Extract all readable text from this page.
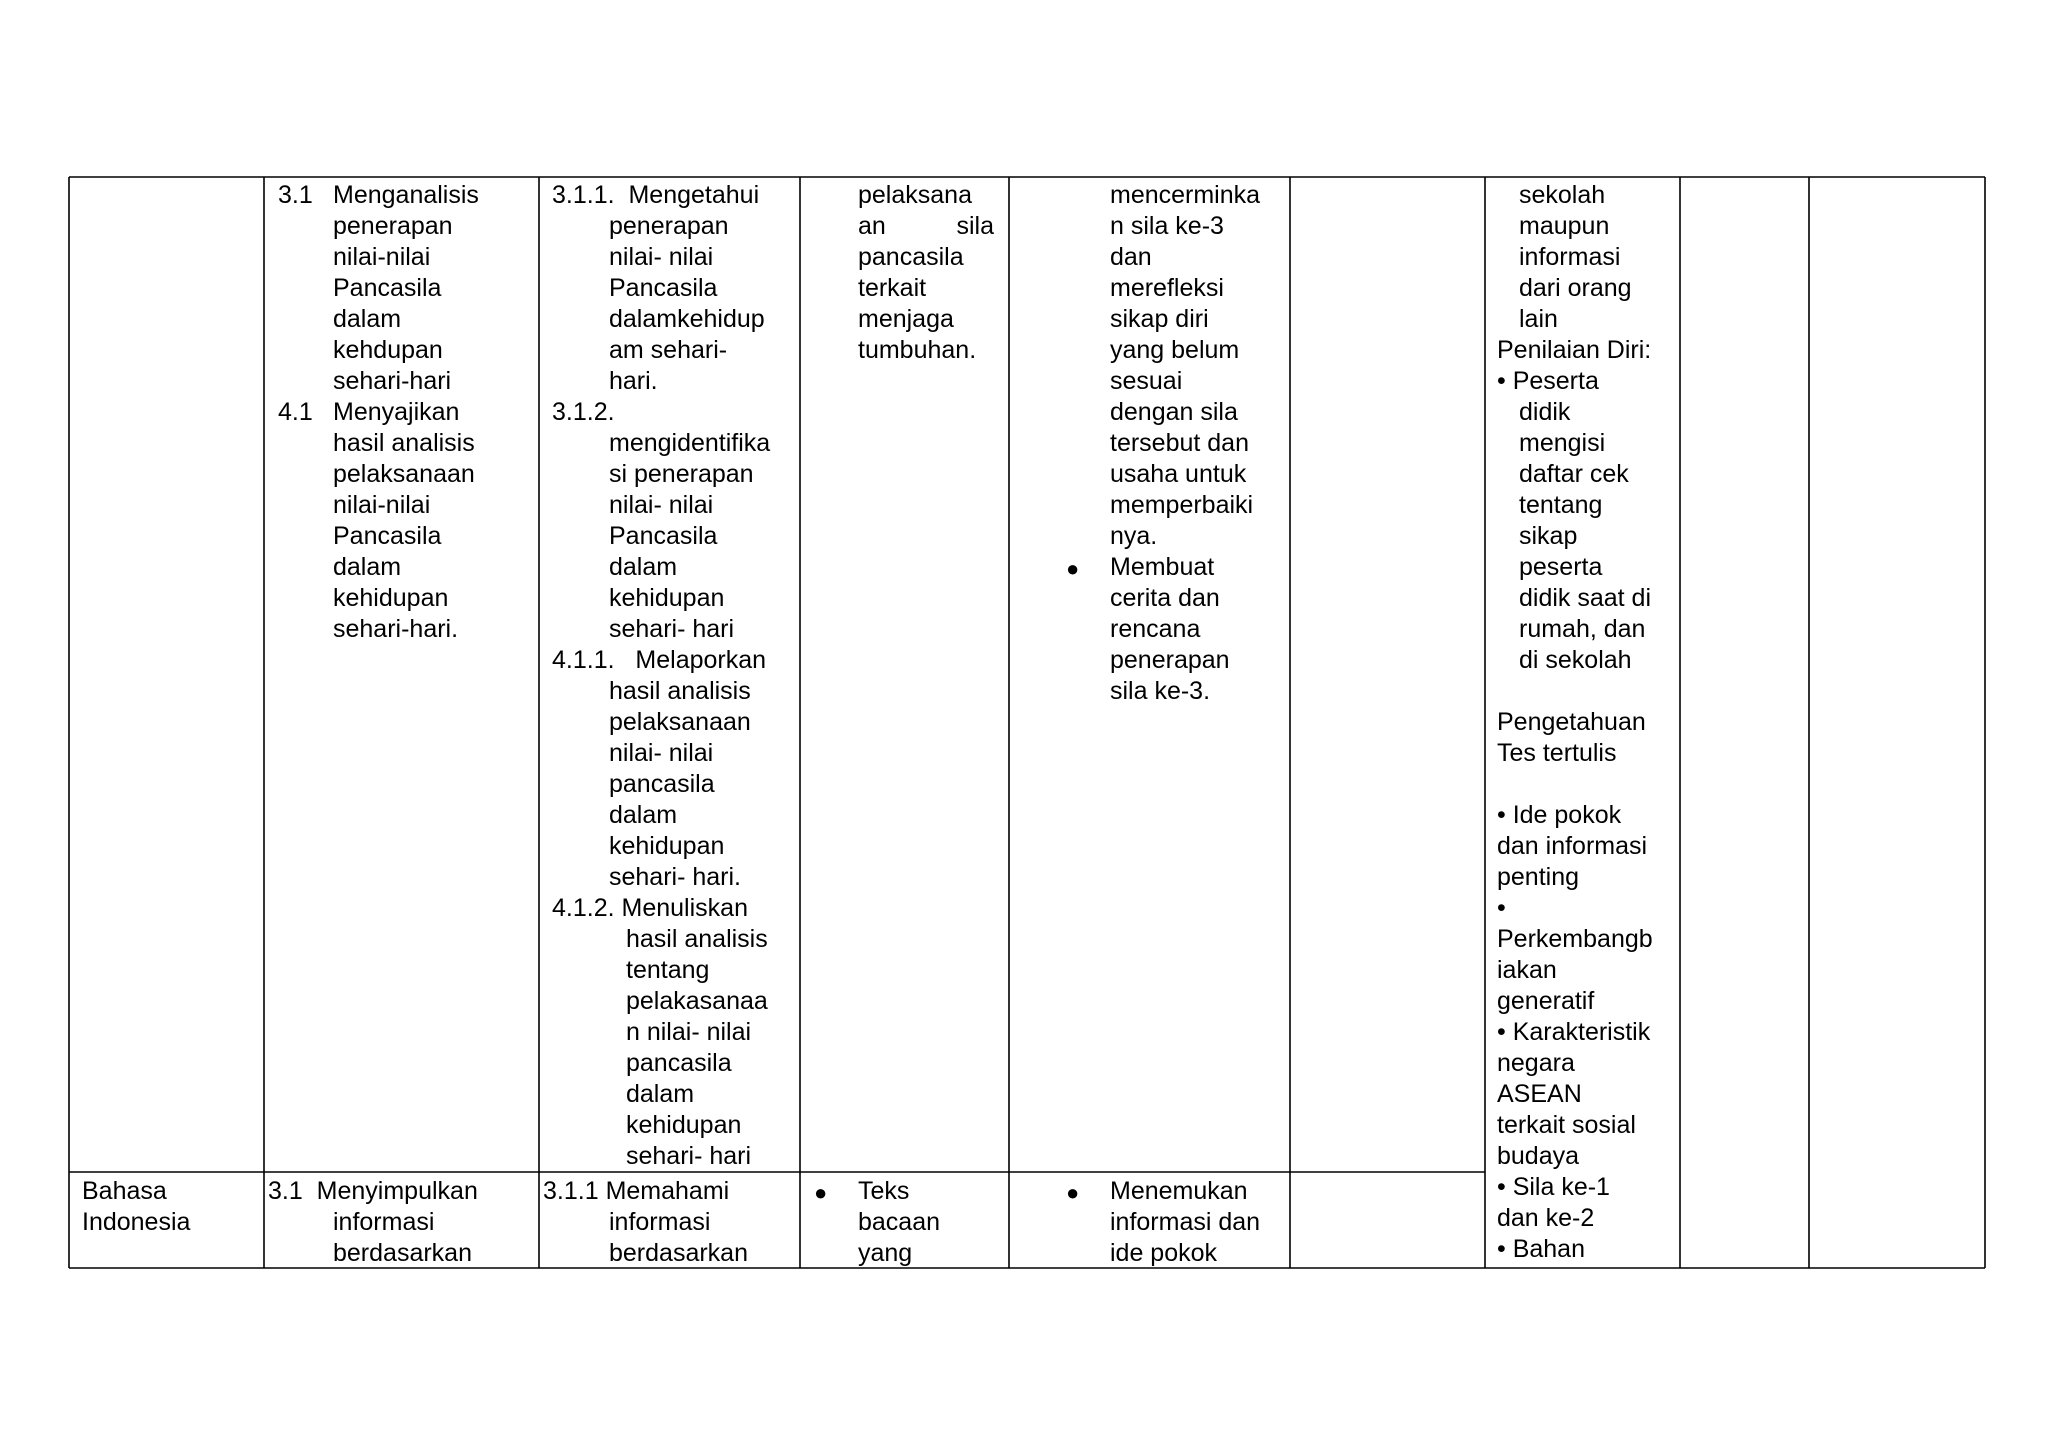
3.1 Menganalisis
penerapan
nilai-nilai
Pancasila
dalam
kehdupan
sehari-hari
4.1 Menyajikan
hasil analisis
pelaksanaan
nilai-nilai
Pancasila
dalam
kehidupan
sehari-hari.
3.1.1. Mengetahui
penerapan
nilai- nilai
Pancasila
dalamkehidup
am sehari-
hari.
3.1.2.
mengidentifika
si penerapan
nilai- nilai
Pancasila
dalam
kehidupan
sehari- hari
4.1.1. Melaporkan
hasil analisis
pelaksanaan
nilai- nilai
pancasila
dalam
kehidupan
sehari- hari.
4.1.2. Menuliskan
hasil analisis
tentang
pelakasanaa
n nilai- nilai
pancasila
dalam
kehidupan
sehari- hari
pelaksana
an	sila
pancasila
terkait
menjaga
tumbuhan.
mencerminka
n sila ke-3
dan
merefleksi
sikap diri
yang belum
sesuai
dengan sila
tersebut dan
usaha untuk
memperbaiki
nya.
● Membuat
cerita dan
rencana
penerapan
sila ke-3.
sekolah
maupun
informasi
dari orang
lain
Penilaian Diri:
• Peserta
didik
mengisi
daftar cek
tentang
sikap
peserta
didik saat di
rumah, dan
di sekolah
Pengetahuan
Tes tertulis
• Ide pokok
dan informasi
penting
•
Perkembangb
iakan
generatif
• Karakteristik
negara
ASEAN
terkait sosial
budaya
• Sila ke-1
dan ke-2
• Bahan
Bahasa
Indonesia
3.1 Menyimpulkan
informasi
berdasarkan
3.1.1 Memahami
informasi
berdasarkan
● Teks
bacaan
yang
● Menemukan
informasi dan
ide pokok
